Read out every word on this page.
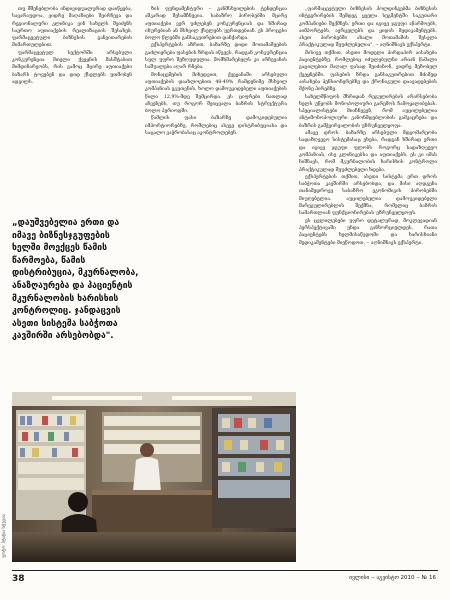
თუ მშენებლობა ინდივიდუალურად დაიწყება, სავარაუდოა, ვიდრე მაღაზიები შეირჩევა და რეგიონალური კლინიკა ვინ სახელს შეიძენს საერთო აფთიაქების რეალიზაციის შესახებ, ფარმაცევტული ბიზნესის განვითარების მიმართულებით.

ფარმაცევტულ სექტორში არსებული კონკურენცია მთელი ქვეყნის მასშტაბით მიმდინარეობს, რის გამოც მცირე აფთიაქები ბაზარს ტოვებენ და დიდ ქსელებს უთმობენ ადგილს.

„დაუშვებელია ერთი და იმავე ბიზნესჯგუფების ხელში მოექცეს წამის წარმოება, წამის დისტრიბუცია, მკურნალობა, ანაზღაურება და პაციენტის მკურნალობის ხარისხის კონტროლიც. ჯანდაცვის ასეთი სისტემა საბჭოთა კავშირში არსებობდა".

ზის ფუნდამენტური ‒ განმსხვილების ტენდენცია აშკარად შესამჩნევია. საბაზრო პირობებში მცირე აფთიაქები ვერ უძლებენ კონკურენციას და ხშირად იხურებიან ან მსხვილ ქსელებს უერთდებიან. ეს პროცესი ბოლო წლებში განსაკუთრებით დაჩქარდა.

ექსპერტების აზრით, ბაზარზე დიდი მოთამაშეების გაძლიერება ფასების ზრდას იწვევს, რადგან კონკურენცია სულ უფრო შეზღუდულია. მომხმარებელს კი არჩევანის საშუალება აღარ რჩება.

მონაცემების მიხედვით, ქვეყანაში არსებული აფთიაქების დაახლოებით 48-49% რამდენიმე მსხვილ კომპანიას ეკუთვნის, ხოლო დამოუკიდებელი აფთიაქების წილი 12,9%-მდე შემცირდა. ეს ციფრები ნათლად აჩვენებს, თუ როგორ შეიცვალა ბაზრის სტრუქტურა ბოლო პერიოდში.

წამლის ფასი ბაზარზე დამოკიდებულია იმპორტიორებზე, რომლებიც ასევე დისტრიბუციასა და საცალო ვაჭრობასაც აკონტროლებენ.

„ფარმაცევტული ბიზნესის ჰოლდინგებმა ბიზნესის ინტეგრირების შემდეგ ყველა სეგმენტში საკუთარი კომპანიები შექმნეს. ერთი და იგივე ჯგუფი აწარმოებს, აიმპორტებს, ავრცელებს და ყიდის მედიკამენტებს. ასეთ პირობებში ახალი მოთამაშის შესვლა პრაქტიკულად შეუძლებელია", ‒ აღნიშნავს ექსპერტი.

მისივე თქმით, ასეთი მოდელი პირდაპირ აისახება პაციენტებზე, რომლებიც იძულებულნი არიან წამალი გაცილებით მაღალ ფასად შეიძინონ, ვიდრე მეზობელ ქვეყნებში. ფასების ზრდა განსაკუთრებით მძიმედ აისახება პენსიონერებზე და ქრონიკული დაავადებების მქონე პირებზე.

სახელმწიფოს მხრიდან რეგულირების არარსებობა ხელს უწყობს მონოპოლიური გარემოს ჩამოყალიბებას. სპეციალისტები მიიჩნევენ, რომ აუცილებელია ანტიმონოპოლიური კანონმდებლობის გამკაცრება და ბაზრის გამჭვირვალობის უზრუნველყოფა.

ამავე დროს, ბაზარზე არსებული მდგომარეობა სადაზღვევო სისტემასაც ეხება, რადგან ხშირად ერთი და იგივე ჯგუფი ფლობს როგორც სადაზღვევო კომპანიას, ისე კლინიკებსა და აფთიაქებს. ეს კი იმას ნიშნავს, რომ მკურნალობის ხარისხის კონტროლი პრაქტიკულად შეუძლებელი ხდება.

ექსპერტების თქმით, ასეთი სისტემა ერთ დროს საბჭოთა კავშირში არსებობდა, და მისი აღდგენა თანამედროვე საბაზრო ეკონომიკის პირობებში მიუღებელია. აუცილებელია დამოუკიდებელი მარეგულირებლის შექმნა, რომელიც ბაზრის სამართლიან ფუნქციონირებას უზრუნველყოფს.

ეს ცვლილებები უფრო დეტალურად, მოკლევადიან პერსპექტივაში უნდა განხორციელდეს, რათა პაციენტებს ხელმისაწვდომი და ხარისხიანი მედიკამენტები მიეწოდოთ, ‒ აღნიშნავს ექსპერტი.

ფოტო: სტატია სტუდია
38	ივლისი ‒ აგვისტო 2010 ‒ № 16
